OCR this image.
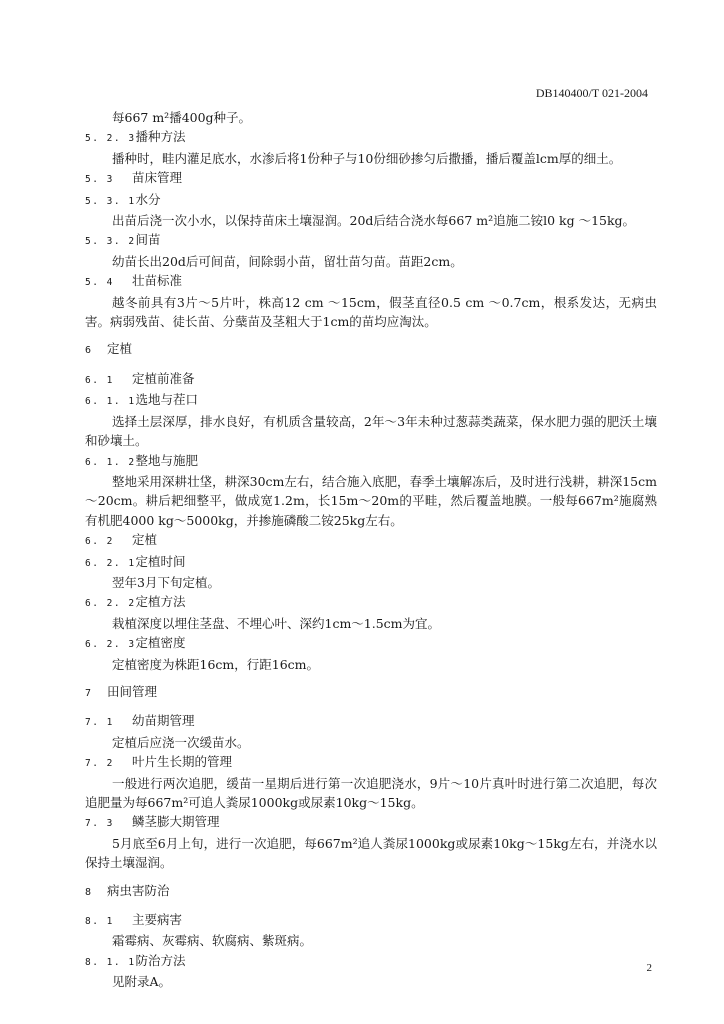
DB140400/T 021-2004
每667 m²播400g种子。
5. 2. 3播种方法
播种时，畦内灌足底水，水渗后将1份种子与10份细砂掺匀后撒播，播后覆盖lcm厚的细土。
5. 3 苗床管理
5. 3. 1水分
出苗后浇一次小水，以保持苗床土壤湿润。20d后结合浇水每667 m²追施二铵l0 kg ～15kg。
5. 3. 2间苗
幼苗长出20d后可间苗，间除弱小苗，留壮苗匀苗。苗距2cm。
5. 4 壮苗标准
越冬前具有3片～5片叶，株高12 cm ～15cm，假茎直径0.5 cm ～0.7cm，根系发达，无病虫害。病弱残苗、徒长苗、分蘖苗及茎粗大于1cm的苗均应淘汰。
6 定植
6. 1 定植前准备
6. 1. 1选地与茬口
选择土层深厚，排水良好，有机质含量较高，2年～3年未种过葱蒜类蔬菜，保水肥力强的肥沃土壤和砂壤土。
6. 1. 2整地与施肥
整地采用深耕壮垡，耕深30cm左右，结合施入底肥，春季土壤解冻后，及时进行浅耕，耕深15cm～20cm。耕后耙细整平，做成宽1.2m，长15m～20m的平畦，然后覆盖地膜。一般每667m²施腐熟有机肥4000 kg～5000kg，并掺施磷酸二铵25kg左右。
6. 2 定植
6. 2. 1定植时间
翌年3月下旬定植。
6. 2. 2定植方法
栽植深度以埋住茎盘、不埋心叶、深约1cm～1.5cm为宜。
6. 2. 3定植密度
定植密度为株距16cm，行距16cm。
7 田间管理
7. 1 幼苗期管理
定植后应浇一次缓苗水。
7. 2 叶片生长期的管理
一般进行两次追肥，缓苗一星期后进行第一次追肥浇水，9片～10片真叶时进行第二次追肥，每次追肥量为每667m²可追人粪尿1000kg或尿素10kg～15kg。
7. 3 鳞茎膨大期管理
5月底至6月上旬，进行一次追肥，每667m²追人粪尿1000kg或尿素10kg～15kg左右，并浇水以保持土壤湿润。
8 病虫害防治
8. 1 主要病害
霜霉病、灰霉病、软腐病、紫斑病。
8. 1. 1防治方法
见附录A。
2
